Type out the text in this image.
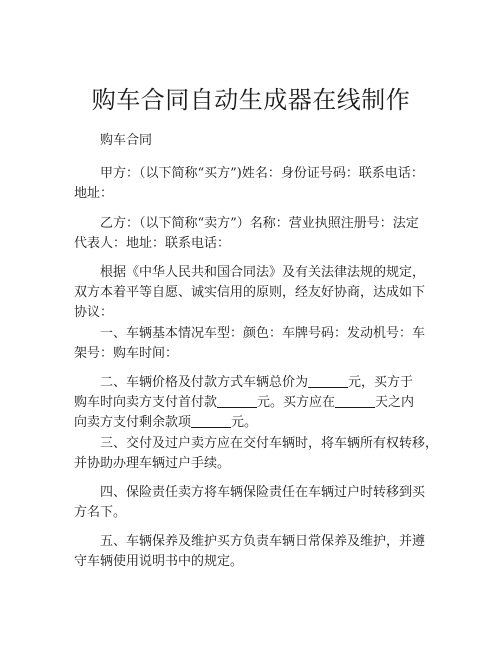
购车合同自动生成器在线制作
购车合同
甲方：（以下简称“买方”)姓名：身份证号码：联系电话：
地址：
乙方：（以下简称“卖方”）名称：营业执照注册号：法定
代表人：地址：联系电话：
根据《中华人民共和国合同法》及有关法律法规的规定，
双方本着平等自愿、诚实信用的原则，经友好协商，达成如下
协议：
一、车辆基本情况车型：颜色：车牌号码：发动机号：车
架号：购车时间：
二、车辆价格及付款方式车辆总价为	元，买方于
购车时向卖方支付首付款	元。买方应在	天之内
向卖方支付剩余款项	元。
三、交付及过户卖方应在交付车辆时，将车辆所有权转移，
并协助办理车辆过户手续。
四、保险责任卖方将车辆保险责任在车辆过户时转移到买
方名下。
五、车辆保养及维护买方负责车辆日常保养及维护，并遵
守车辆使用说明书中的规定。
